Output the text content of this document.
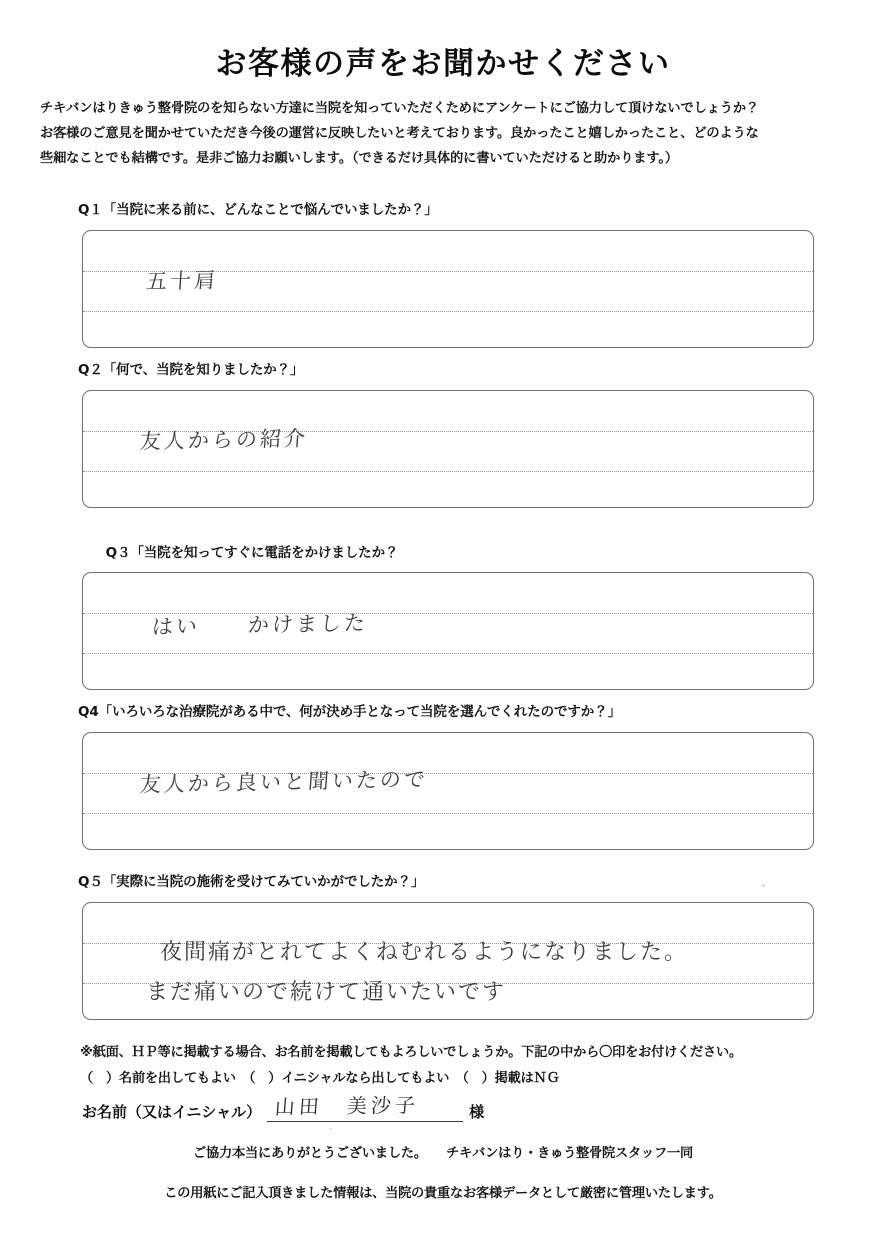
お客様の声をお聞かせください

チキバンはりきゅう整骨院のを知らない方達に当院を知っていただくためにアンケートにご協力して頂けないでしょうか？

お客様のご意見を聞かせていただき今後の運営に反映したいと考えております。良かったこと嬉しかったこと、どのような

些細なことでも結構です。是非ご協力お願いします。（できるだけ具体的に書いていただけると助かります。）

Q１「当院に来る前に、どんなことで悩んでいましたか？」

五十肩

Q２「何で、当院を知りましたか？」

友人からの紹介

Q３「当院を知ってすぐに電話をかけましたか？

はい　　かけました

Q4「いろいろな治療院がある中で、何が決め手となって当院を選んでくれたのですか？」

友人から良いと聞いたので

Q５「実際に当院の施術を受けてみていかがでしたか？」

夜間痛がとれてよくねむれるようになりました。

まだ痛いので続けて通いたいです

※紙面、ＨＰ等に掲載する場合、お名前を掲載してもよろしいでしょうか。下記の中から〇印をお付けください。
（　）名前を出してもよい　（　）イニシャルなら出してもよい　（　）掲載はＮＧ
お名前（又はイニシャル） 山田　美沙子	様
ご協力本当にありがとうございました。　　チキバンはり・きゅう整骨院スタッフ一同
この用紙にご記入頂きました情報は、当院の貴重なお客様データとして厳密に管理いたします。
